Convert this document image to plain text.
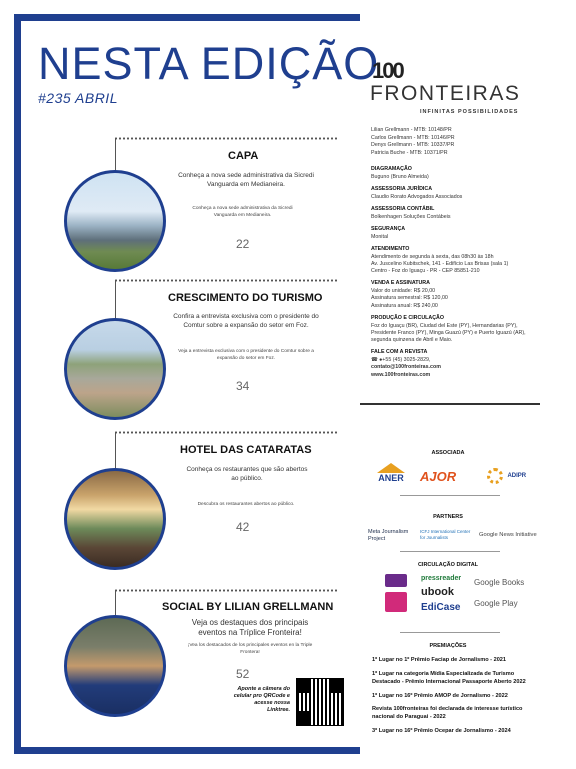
NESTA EDIÇÃO
#235 ABRIL
CAPA
Conheça a nova sede administrativa da Sicredi Vanguarda em Medianeira.
Conheça a nova sede administrativa da Sicredi Vanguarda em Medianeira.
22
CRESCIMENTO DO TURISMO
Confira a entrevista exclusiva com o presidente do Comtur sobre a expansão do setor em Foz.
Veja a entrevista exclusiva com o presidente do Comtur sobre a expansão do setor em Foz.
34
HOTEL DAS CATARATAS
Conheça os restaurantes que são abertos ao público.
Descubra os restaurantes abertos ao público.
42
SOCIAL BY LILIAN GRELLMANN
Veja os destaques dos principais eventos na Tríplice Fronteira!
¡Vea los destacados de los principales eventos en la Triple Frontera!
52
Aponte a câmera do celular pro QRCode e acesse nossa Linktree.
100
FRONTEIRAS
INFINITAS POSSIBILIDADES
Lilian Grellmann - MTB: 10148/PR
Carlos Grellmann - MTB: 10146/PR
Denys Grellmann - MTB: 10337/PR
Patricia Buche - MTB: 10371/PR
DIAGRAMAÇÃO
Buguno (Bruno Almeida)
ASSESSORIA JURÍDICA
Claudio Rorato Advogados Associados
ASSESSORIA CONTÁBIL
Bolkenhagen Soluções Contábeis
SEGURANÇA
Monital
ATENDIMENTO
Atendimento de segunda à sexta, das 08h30 às 18h
Av. Juscelino Kubitschek, 141 - Edifício Las Brisas (sala 1)
Centro - Foz do Iguaçu - PR - CEP 85851-210
VENDA E ASSINATURA
Valor do unidade: R$ 20,00
Assinatura semestral: R$ 120,00
Assinatura anual: R$ 240,00
PRODUÇÃO E CIRCULAÇÃO
Foz do Iguaçu (BR), Ciudad del Este (PY), Hernandarias (PY),
Presidente Franco (PY), Minga Guazú (PY) e Puerto Iguazú (AR),
segunda quinzena de Abril e Maio.
FALE COM A REVISTA
☎ ●+55 (45) 3025-2829,
contato@100fronteiras.com
www.100fronteiras.com
ASSOCIADA
ANER AJOR	ADIPR
PARTNERS
Meta Journalism Project
ICFJ International Center for Journalists	Google News Initiative
CIRCULAÇÃO DIGITAL
pressreader
ubook
EdiCase
Google Books
Google Play
PREMIAÇÕES
1º Lugar no 1º Prêmio Faciap de Jornalismo - 2021
1º Lugar na categoria Mídia Especializada de Turismo Destacado - Prêmio Internacional Passaporte Aberto 2022
1º Lugar no 16º Prêmio AMOP de Jornalismo - 2022
Revista 100fronteiras foi declarada de interesse turístico nacional do Paraguai - 2022
3º Lugar no 16º Prêmio Ocepar de Jornalismo - 2024
